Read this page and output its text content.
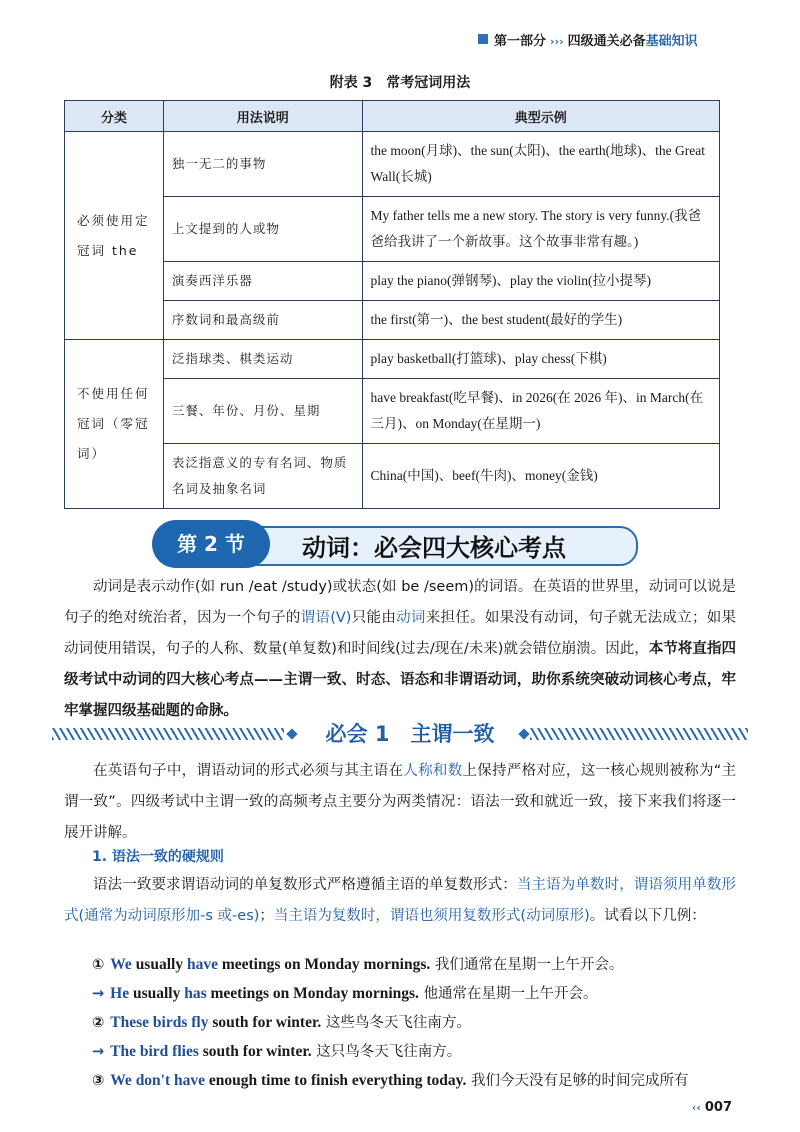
第一部分 ››› 四级通关必备基础知识
附表 3　常考冠词用法
分类	用法说明	典型示例
必须使用定冠词 the	独一无二的事物	the moon(月球)、the sun(太阳)、the earth(地球)、the Great Wall(长城)
	上文提到的人或物	My father tells me a new story. The story is very funny.(我爸爸给我讲了一个新故事。这个故事非常有趣。)
	演奏西洋乐器	play the piano(弹钢琴)、play the violin(拉小提琴)
	序数词和最高级前	the first(第一)、the best student(最好的学生)
不使用任何冠词（零冠词）	泛指球类、棋类运动	play basketball(打篮球)、play chess(下棋)
	三餐、年份、月份、星期	have breakfast(吃早餐)、in 2026(在 2026 年)、in March(在三月)、on Monday(在星期一)
	表泛指意义的专有名词、物质名词及抽象名词	China(中国)、beef(牛肉)、money(金钱)
第 2 节	动词：必会四大核心考点
动词是表示动作(如 run /eat /study)或状态(如 be /seem)的词语。在英语的世界里，动词可以说是句子的绝对统治者，因为一个句子的谓语(V)只能由动词来担任。如果没有动词，句子就无法成立；如果动词使用错误，句子的人称、数量(单复数)和时间线(过去/现在/未来)就会错位崩溃。因此，本节将直指四级考试中动词的四大核心考点——主谓一致、时态、语态和非谓语动词，助你系统突破动词核心考点，牢牢掌握四级基础题的命脉。
必会 1　 主谓一致
在英语句子中，谓语动词的形式必须与其主语在人称和数上保持严格对应，这一核心规则被称为“主谓一致”。四级考试中主谓一致的高频考点主要分为两类情况：语法一致和就近一致，接下来我们将逐一展开讲解。
1. 语法一致的硬规则
语法一致要求谓语动词的单复数形式严格遵循主语的单复数形式：当主语为单数时，谓语须用单数形式(通常为动词原形加-s 或-es)；当主语为复数时，谓语也须用复数形式(动词原形)。试看以下几例：
① We usually have meetings on Monday mornings. 我们通常在星期一上午开会。
→ He usually has meetings on Monday mornings. 他通常在星期一上午开会。
② These birds fly south for winter. 这些鸟冬天飞往南方。
→ The bird flies south for winter. 这只鸟冬天飞往南方。
③ We don't have enough time to finish everything today. 我们今天没有足够的时间完成所有
‹‹ 007
